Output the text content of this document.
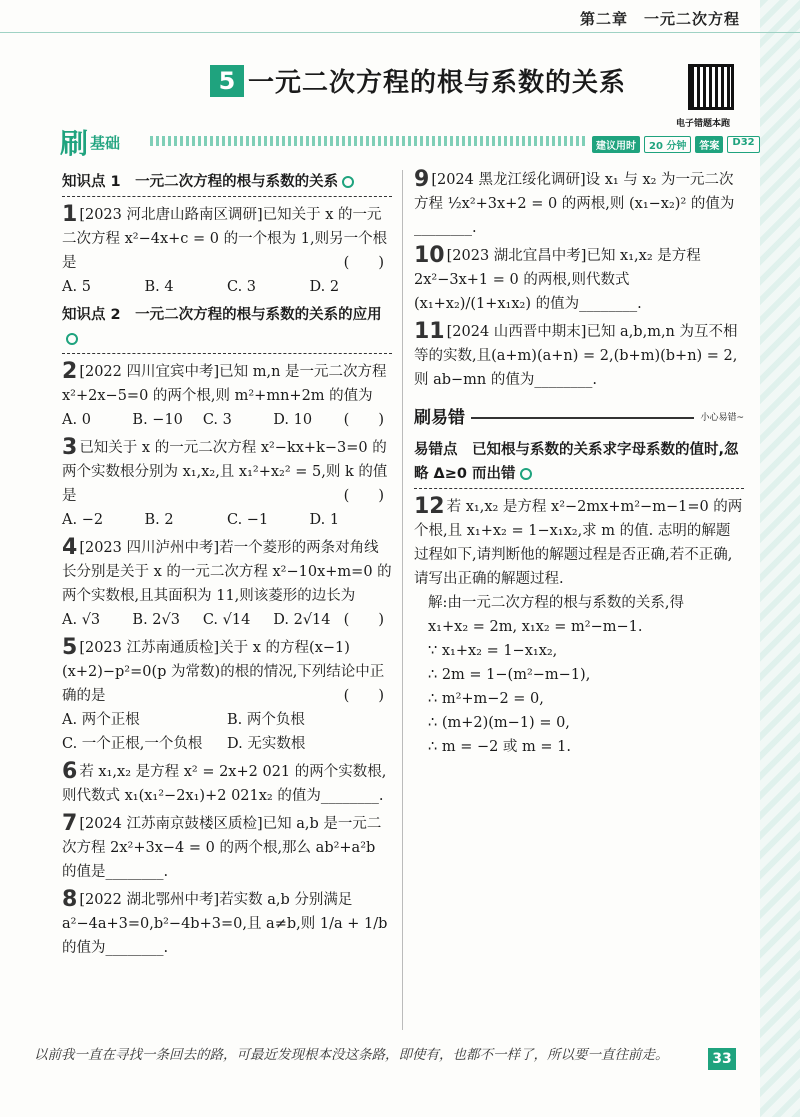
第二章　一元二次方程
5 一元二次方程的根与系数的关系
电子错题本跑
刷 基础	建议用时	20 分钟	答案	D32
知识点 1　一元二次方程的根与系数的关系
1 [2023 河北唐山路南区调研]已知关于 x 的一元二次方程 x²−4x+c = 0 的一个根为 1,则另一个根是	(　　)
A. 5	B. 4	C. 3	D. 2
知识点 2　一元二次方程的根与系数的关系的应用
2 [2022 四川宜宾中考]已知 m,n 是一元二次方程 x²+2x−5=0 的两个根,则 m²+mn+2m 的值为
(　　)
A. 0	B. −10	C. 3	D. 10
3 已知关于 x 的一元二次方程 x²−kx+k−3=0 的两个实数根分别为 x₁,x₂,且 x₁²+x₂² = 5,则 k 的值是	(　　)
A. −2	B. 2	C. −1	D. 1
4 [2023 四川泸州中考]若一个菱形的两条对角线长分别是关于 x 的一元二次方程 x²−10x+m=0 的两个实数根,且其面积为 11,则该菱形的边长为
(　　)
A. √3	B. 2√3	C. √14	D. 2√14
5 [2023 江苏南通质检]关于 x 的方程(x−1)(x+2)−p²=0(p 为常数)的根的情况,下列结论中正确的是	(　　)
A. 两个正根	B. 两个负根
C. 一个正根,一个负根	D. 无实数根
6 若 x₁,x₂ 是方程 x² = 2x+2 021 的两个实数根,则代数式 x₁(x₁²−2x₁)+2 021x₂ 的值为________.
7 [2024 江苏南京鼓楼区质检]已知 a,b 是一元二次方程 2x²+3x−4 = 0 的两个根,那么 ab²+a²b 的值是________.
8 [2022 湖北鄂州中考]若实数 a,b 分别满足 a²−4a+3=0,b²−4b+3=0,且 a≠b,则 1/a + 1/b 的值为________.
9 [2024 黑龙江绥化调研]设 x₁ 与 x₂ 为一元二次方程 ½x²+3x+2 = 0 的两根,则 (x₁−x₂)² 的值为________.
10 [2023 湖北宜昌中考]已知 x₁,x₂ 是方程 2x²−3x+1 = 0 的两根,则代数式 (x₁+x₂)/(1+x₁x₂) 的值为________.
11 [2024 山西晋中期末]已知 a,b,m,n 为互不相等的实数,且(a+m)(a+n) = 2,(b+m)(b+n) = 2,则 ab−mn 的值为________.
刷易错	小心易错~
易错点　已知根与系数的关系求字母系数的值时,忽略 Δ≥0 而出错
12 若 x₁,x₂ 是方程 x²−2mx+m²−m−1=0 的两个根,且 x₁+x₂ = 1−x₁x₂,求 m 的值. 志明的解题过程如下,请判断他的解题过程是否正确,若不正确,请写出正确的解题过程.
解:由一元二次方程的根与系数的关系,得
x₁+x₂ = 2m, x₁x₂ = m²−m−1.
∵ x₁+x₂ = 1−x₁x₂,
∴ 2m = 1−(m²−m−1),
∴ m²+m−2 = 0,
∴ (m+2)(m−1) = 0,
∴ m = −2 或 m = 1.
以前我一直在寻找一条回去的路，可最近发现根本没这条路，即使有，也都不一样了，所以要一直往前走。	33
